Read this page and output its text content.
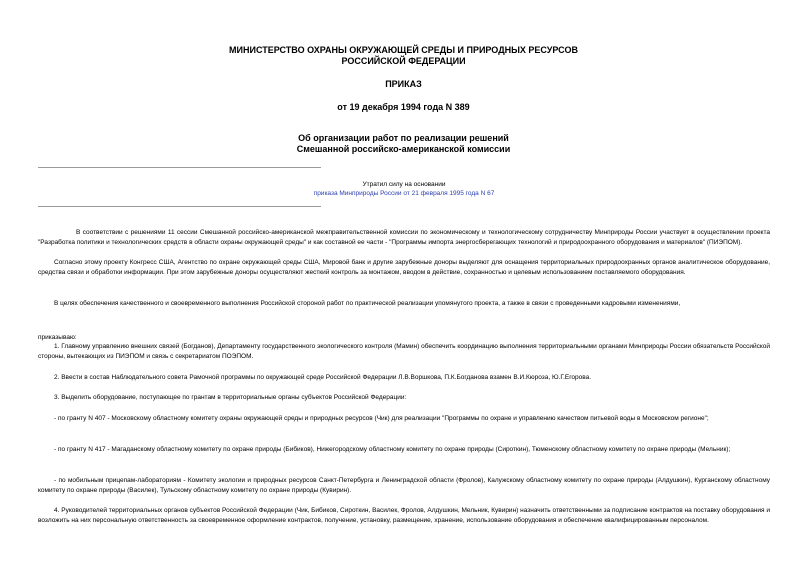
МИНИСТЕРСТВО ОХРАНЫ ОКРУЖАЮЩЕЙ СРЕДЫ И ПРИРОДНЫХ РЕСУРСОВ
РОССИЙСКОЙ ФЕДЕРАЦИИ
ПРИКАЗ
от 19 декабря 1994 года N 389
Об организации работ по реализации решений
Смешанной российско-американской комиссии
Утратил силу на основании
приказа Минприроды России от 21 февраля 1995 года N 67
В соответствии с решениями 11 сессии Смешанной российско-американской межправительственной комиссии по экономическому и технологическому сотрудничеству Минприроды России участвует в осуществлении проекта "Разработка политики и технологических средств в области охраны окружающей среды" и как составной ее части - "Программы импорта энергосберегающих технологий и природоохранного оборудования и материалов" (ПИЭПОМ).
Согласно этому проекту Конгресс США, Агентство по охране окружающей среды США, Мировой банк и другие зарубежные доноры выделяют для оснащения территориальных природоохранных органов аналитическое оборудование, средства связи и обработки информации. При этом зарубежные доноры осуществляют жесткий контроль за монтажом, вводом в действие, сохранностью и целевым использованием поставляемого оборудования.
В целях обеспечения качественного и своевременного выполнения Российской стороной работ по практической реализации упомянутого проекта, а также в связи с проведенными кадровыми изменениями,
приказываю:
1. Главному управлению внешних связей (Богданов), Департаменту государственного экологического контроля (Мамин) обеспечить координацию выполнения территориальными органами Минприроды России обязательств Российской стороны, вытекающих из ПИЭПОМ и связь с секретариатом ПОЭПОМ.
2. Ввести в состав Наблюдательного совета Рамочной программы по окружающей среде Российской Федерации Л.В.Воршкова, П.К.Богданова взамен В.И.Кюроза, Ю.Г.Егорова.
3. Выделить оборудование, поступающее по грантам в территориальные органы субъектов Российской Федерации:
- по гранту N 407 - Московскому областному комитету охраны окружающей среды и природных ресурсов (Чик) для реализации "Программы по охране и управлению качеством питьевой воды в Московском регионе";
- по гранту N 417 - Магаданскому областному комитету по охране природы (Бибиков), Нижегородскому областному комитету по охране природы (Сироткин), Тюменскому областному комитету по охране природы (Мельник);
- по мобильным прицепам-лабораториям - Комитету экологии и природных ресурсов Санкт-Петербурга и Ленинградской области (Фролов), Калужскому областному комитету по охране природы (Алдушкин), Курганскому областному комитету по охране природы (Василек), Тульскому областному комитету по охране природы (Кувирин).
4. Руководителей территориальных органов субъектов Российской Федерации (Чик, Бибиков, Сироткин, Василек, Фролов, Алдушкин, Мельник, Кувирин) назначить ответственными за подписание контрактов на поставку оборудования и возложить на них персональную ответственность за своевременное оформление контрактов, получение, установку, размещение, хранение, использование оборудования и обеспечение квалифицированным персоналом.
